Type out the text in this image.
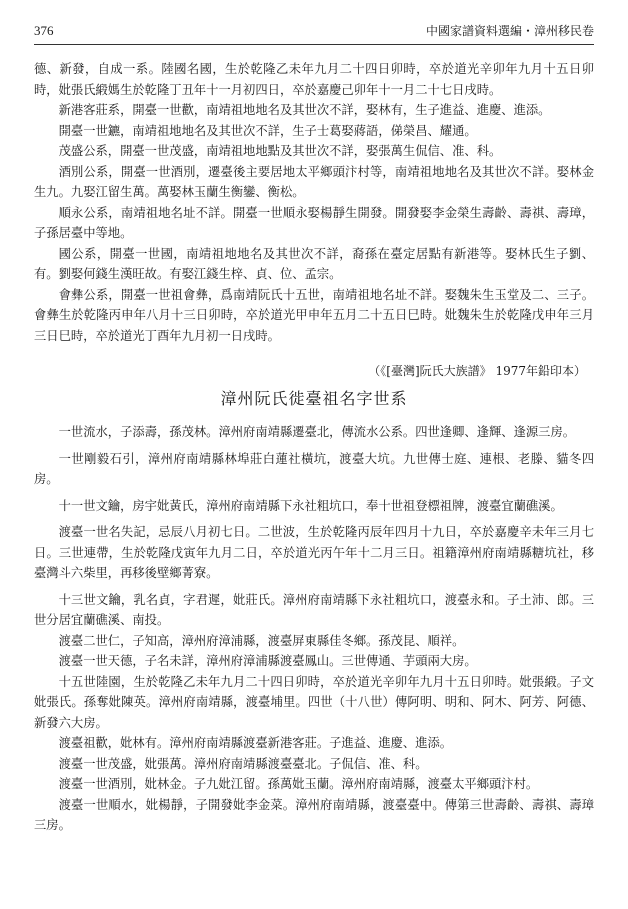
376	中國家譜資料選編・漳州移民卷

德、新發，自成一系。陸國名國，生於乾隆乙未年九月二十四日卯時，卒於道光辛卯年九月十五日卯時，妣張氏緞媽生於乾隆丁丑年十一月初四日，卒於嘉慶己卯年十一月二十七日戌時。

新港客莊系，開臺一世歡，南靖祖地地名及其世次不詳，娶林有，生子進益、進慶、進添。

開臺一世鑣，南靖祖地地名及其世次不詳，生子士葛娶蔣語，俤榮昌、耀通。

茂盛公系，開臺一世茂盛，南靖祖地地點及其世次不詳，娶張萬生侃信、准、科。

酒別公系，開臺一世酒別，遷臺後主要居地太平鄉頭汴村等，南靖祖地地名及其世次不詳。娶林金生九。九娶江留生萬。萬娶林玉蘭生衡鑾、衡松。

順永公系，南靖祖地名址不詳。開臺一世順永娶楊靜生開發。開發娶李金榮生壽齡、壽祺、壽璋，子孫居臺中等地。

國公系，開臺一世國，南靖祖地地名及其世次不詳，裔孫在臺定居點有新港等。娶林氏生子劉、有。劉娶何錢生漢旺故。有娶江錢生梓、貞、位、孟宗。

會彝公系，開臺一世祖會彝，爲南靖阮氏十五世，南靖祖地名址不詳。娶魏朱生玉堂及二、三子。會彝生於乾隆丙申年八月十三日卯時，卒於道光甲申年五月二十五日巳時。妣魏朱生於乾隆戊申年三月三日巳時，卒於道光丁酉年九月初一日戌時。

（《[臺灣]阮氏大族譜》 1977年鉛印本）
漳州阮氏徙臺祖名字世系

一世流水，子添壽，孫茂林。漳州府南靖縣遷臺北，傳流水公系。四世逢卿、逢輝、逢源三房。

一世剛毅石引，漳州府南靖縣林埠莊白蓮社橫坑，渡臺大坑。九世傳士庭、連根、老滕、貓冬四房。

十一世文鑰，房宇妣黃氏，漳州府南靖縣下永社粗坑口，奉十世祖登標祖牌，渡臺宜蘭礁溪。

渡臺一世名失記，忌辰八月初七日。二世波，生於乾隆丙辰年四月十九日，卒於嘉慶辛未年三月七日。三世連帶，生於乾隆戊寅年九月二日，卒於道光丙午年十二月三日。祖籍漳州府南靖縣糖坑社，移臺灣斗六柴里，再移後壁鄉菁寮。

十三世文鑰，乳名貞，字君遲，妣莊氏。漳州府南靖縣下永社粗坑口，渡臺永和。子土沛、郎。三世分居宜蘭礁溪、南投。

渡臺二世仁，子知高，漳州府漳浦縣，渡臺屏東縣佳冬鄉。孫茂昆、順祥。

渡臺一世天德，子名未詳，漳州府漳浦縣渡臺鳳山。三世傳通、芋頭兩大房。

十五世陸園，生於乾隆乙未年九月二十四日卯時，卒於道光辛卯年九月十五日卯時。妣張緞。子文妣張氏。孫奪妣陳英。漳州府南靖縣，渡臺埔里。四世（十八世）傳阿明、明和、阿木、阿芳、阿德、新發六大房。

渡臺祖歡，妣林有。漳州府南靖縣渡臺新港客莊。子進益、進慶、進添。

渡臺一世茂盛，妣張萬。漳州府南靖縣渡臺臺北。子侃信、准、科。

渡臺一世酒別，妣林金。子九妣江留。孫萬妣玉蘭。漳州府南靖縣，渡臺太平鄉頭汴村。

渡臺一世順水，妣楊靜，子開發妣李金菜。漳州府南靖縣，渡臺臺中。傳第三世壽齡、壽祺、壽璋三房。
